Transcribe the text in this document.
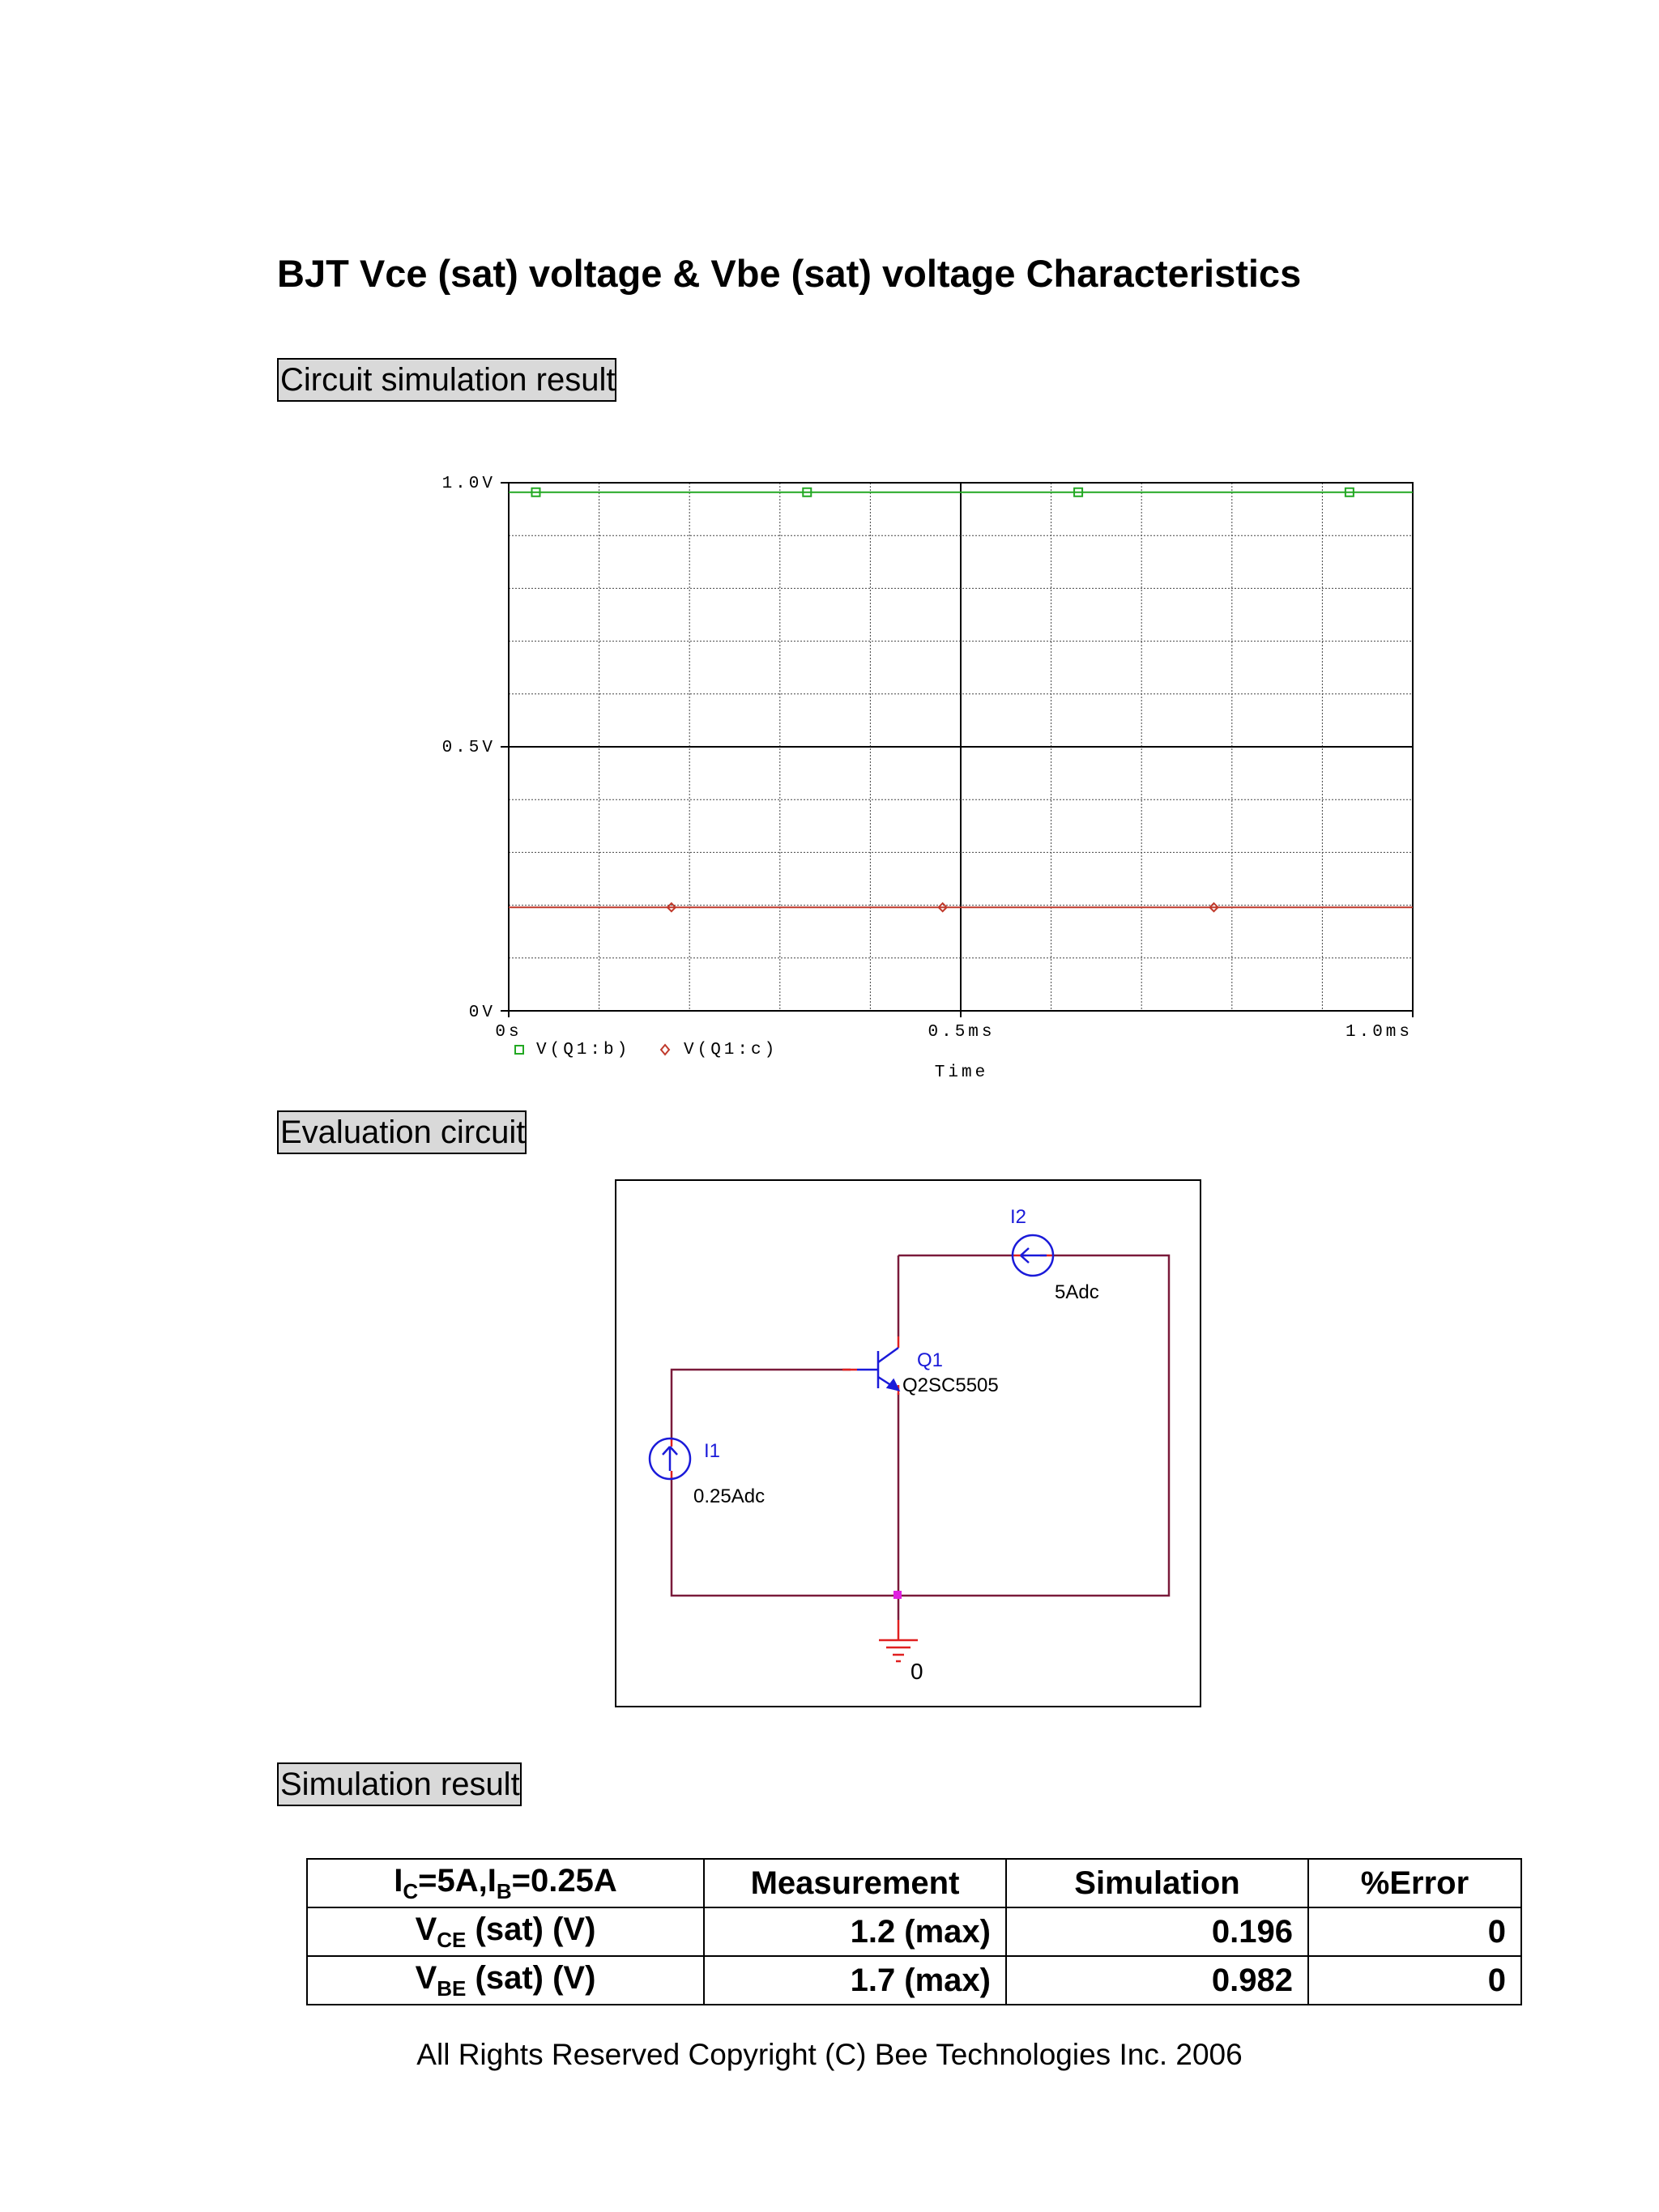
BJT Vce (sat) voltage & Vbe (sat) voltage Characteristics
Circuit simulation result
1.0V
0.5V
0V
0s	0.5ms	1.0ms
Time
V(Q1:b)	V(Q1:c)
Evaluation circuit
I2
5Adc
Q1
Q2SC5505
I1
0.25Adc
0
Simulation result
$I_C=5A,I_B=0.25A$	Measurement	Simulation	%Error
$V_{CE}$ (sat) (V)	1.2 (max)	0.196	0
$V_{BE}$ (sat) (V)	1.7 (max)	0.982	0
All Rights Reserved Copyright (C) Bee Technologies Inc. 2006
